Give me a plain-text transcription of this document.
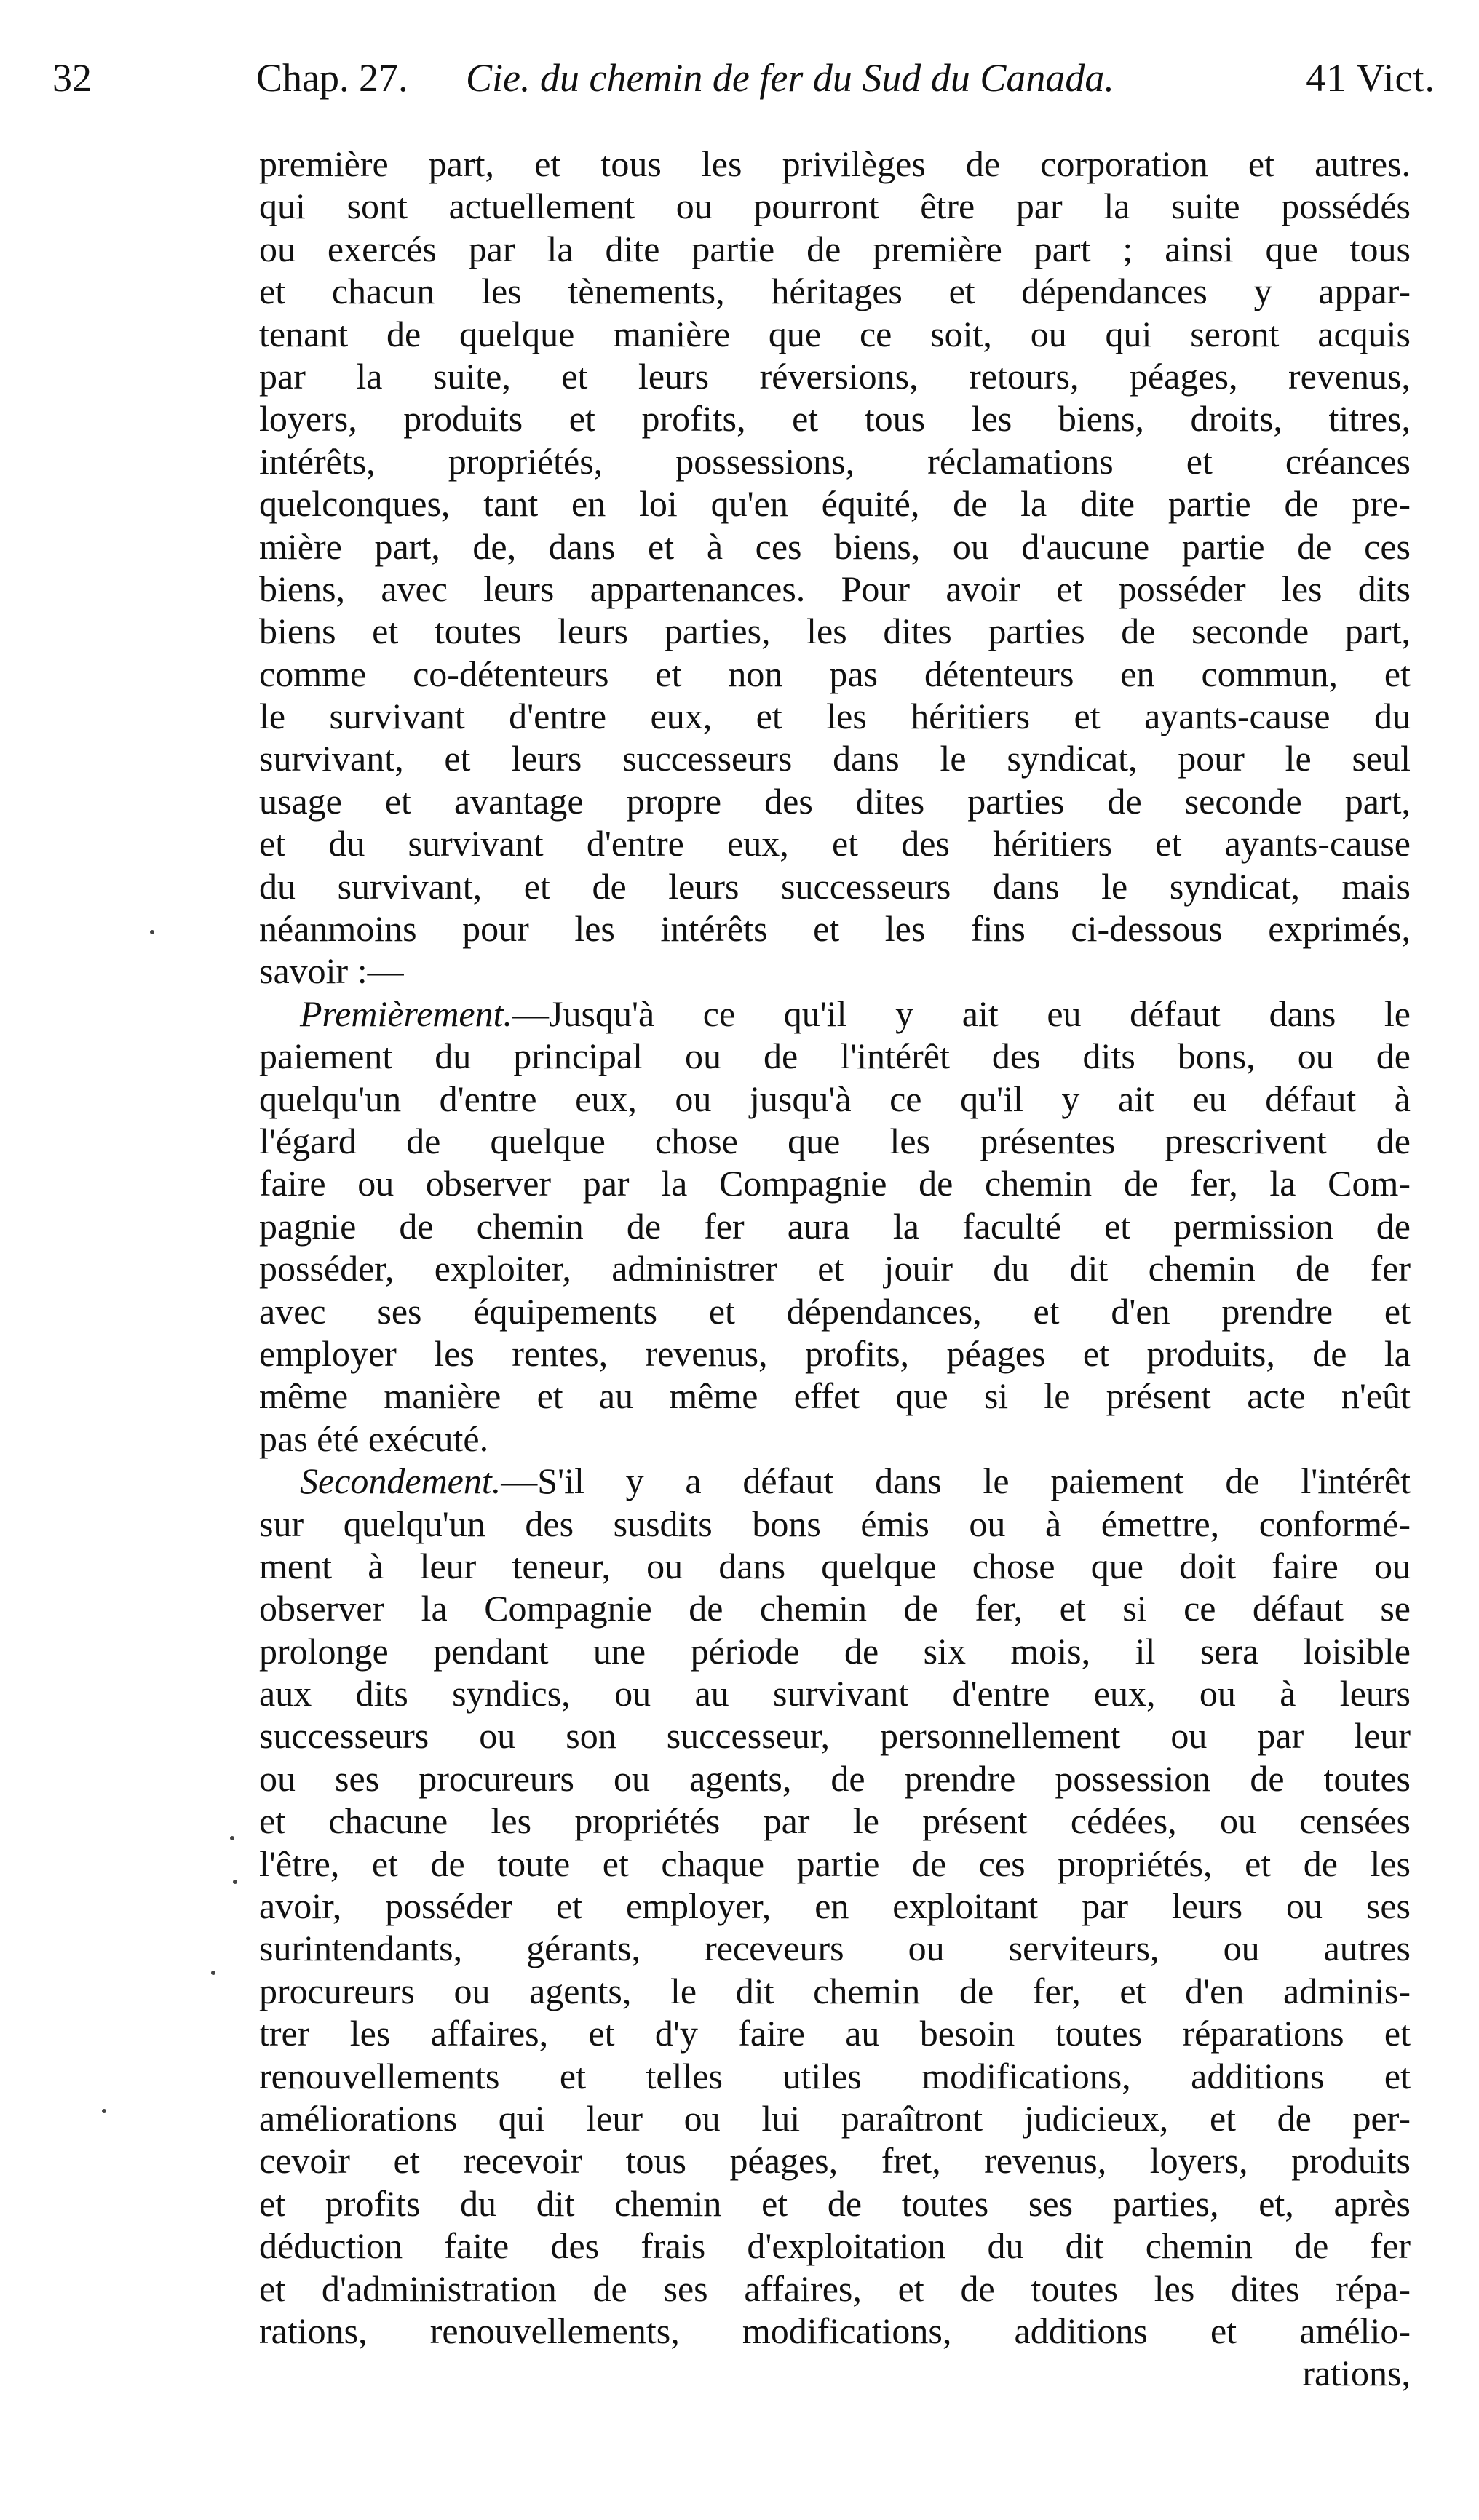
32	Chap. 27. Cie. du chemin de fer du Sud du Canada.	41 Vict.
première part, et tous les privilèges de corporation et autres.
qui sont actuellement ou pourront être par la suite possédés
ou exercés par la dite partie de première part ; ainsi que tous
et chacun les tènements, héritages et dépendances y appar-
tenant de quelque manière que ce soit, ou qui seront acquis
par la suite, et leurs réversions, retours, péages, revenus,
loyers, produits et profits, et tous les biens, droits, titres,
intérêts, propriétés, possessions, réclamations et créances
quelconques, tant en loi qu'en équité, de la dite partie de pre-
mière part, de, dans et à ces biens, ou d'aucune partie de ces
biens, avec leurs appartenances. Pour avoir et posséder les dits
biens et toutes leurs parties, les dites parties de seconde part,
comme co-détenteurs et non pas détenteurs en commun, et
le survivant d'entre eux, et les héritiers et ayants-cause du
survivant, et leurs successeurs dans le syndicat, pour le seul
usage et avantage propre des dites parties de seconde part,
et du survivant d'entre eux, et des héritiers et ayants-cause
du survivant, et de leurs successeurs dans le syndicat, mais
néanmoins pour les intérêts et les fins ci-dessous exprimés,
savoir :—
Premièrement.—Jusqu'à ce qu'il y ait eu défaut dans le
paiement du principal ou de l'intérêt des dits bons, ou de
quelqu'un d'entre eux, ou jusqu'à ce qu'il y ait eu défaut à
l'égard de quelque chose que les présentes prescrivent de
faire ou observer par la Compagnie de chemin de fer, la Com-
pagnie de chemin de fer aura la faculté et permission de
posséder, exploiter, administrer et jouir du dit chemin de fer
avec ses équipements et dépendances, et d'en prendre et
employer les rentes, revenus, profits, péages et produits, de la
même manière et au même effet que si le présent acte n'eût
pas été exécuté.
Secondement.—S'il y a défaut dans le paiement de l'intérêt
sur quelqu'un des susdits bons émis ou à émettre, conformé-
ment à leur teneur, ou dans quelque chose que doit faire ou
observer la Compagnie de chemin de fer, et si ce défaut se
prolonge pendant une période de six mois, il sera loisible
aux dits syndics, ou au survivant d'entre eux, ou à leurs
successeurs ou son successeur, personnellement ou par leur
ou ses procureurs ou agents, de prendre possession de toutes
et chacune les propriétés par le présent cédées, ou censées
l'être, et de toute et chaque partie de ces propriétés, et de les
avoir, posséder et employer, en exploitant par leurs ou ses
surintendants, gérants, receveurs ou serviteurs, ou autres
procureurs ou agents, le dit chemin de fer, et d'en adminis-
trer les affaires, et d'y faire au besoin toutes réparations et
renouvellements et telles utiles modifications, additions et
améliorations qui leur ou lui paraîtront judicieux, et de per-
cevoir et recevoir tous péages, fret, revenus, loyers, produits
et profits du dit chemin et de toutes ses parties, et, après
déduction faite des frais d'exploitation du dit chemin de fer
et d'administration de ses affaires, et de toutes les dites répa-
rations, renouvellements, modifications, additions et amélio-
rations,
